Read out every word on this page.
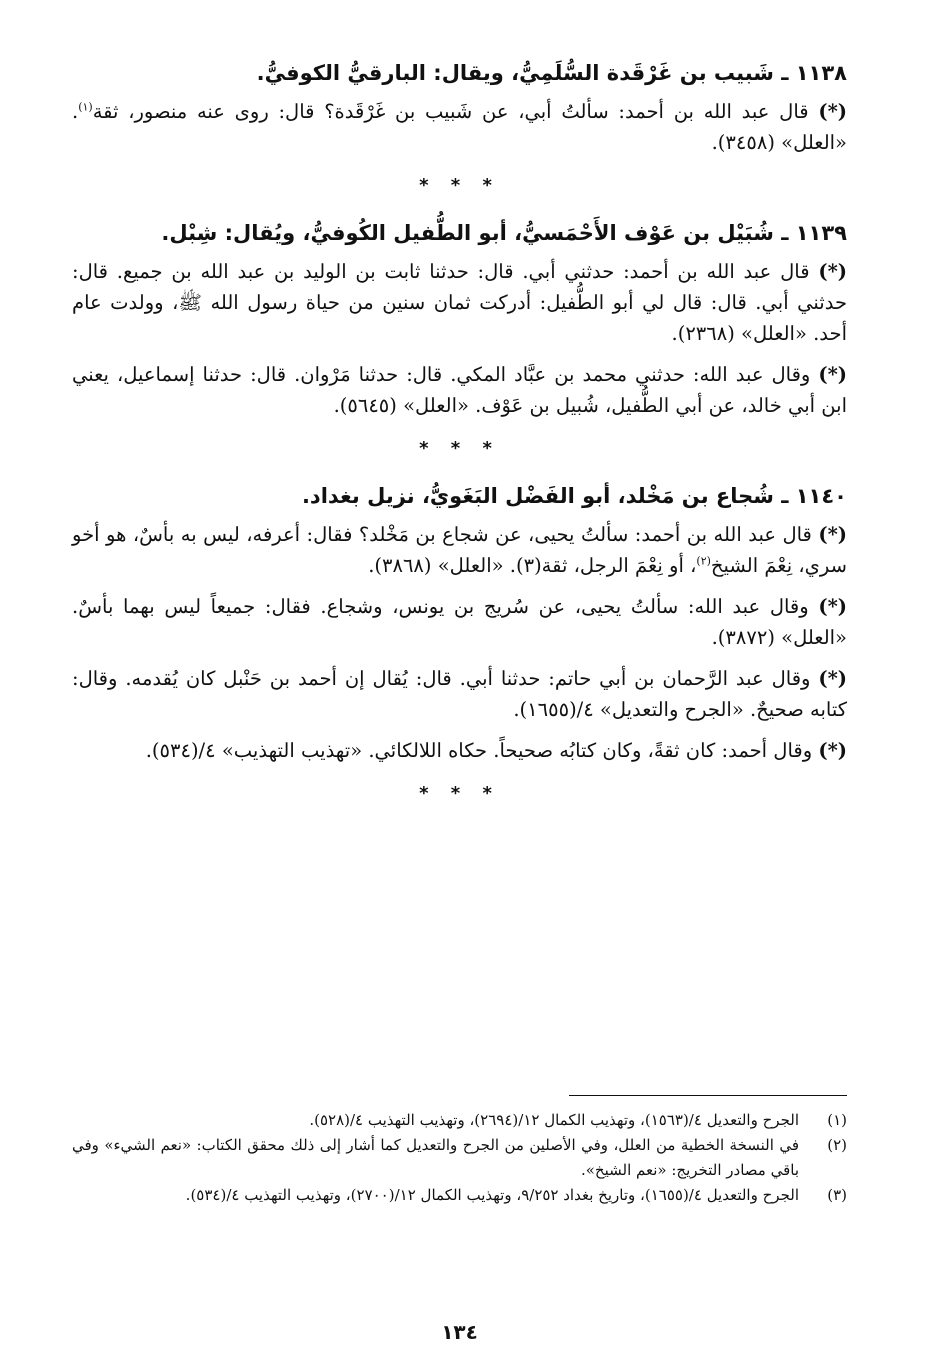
١١٣٨ ـ شَبيب بن غَرْقَدة السُّلَمِيُّ، ويقال: البارقيُّ الكوفيُّ.

(*) قال عبد الله بن أحمد: سألتُ أبي، عن شَبيب بن غَرْقَدة؟ قال: روى عنه منصور، ثقة$^{(١)}$. «العلل» (٣٤٥٨).

* * *
١١٣٩ ـ شُبَيْل بن عَوْف الأَحْمَسيُّ، أبو الطُّفيل الكُوفيُّ، ويُقال: شِبْل.

(*) قال عبد الله بن أحمد: حدثني أبي. قال: حدثنا ثابت بن الوليد بن عبد الله بن جميع. قال: حدثني أبي. قال: قال لي أبو الطُّفيل: أدركت ثمان سنين من حياة رسول الله ﷺ، وولدت عام أحد. «العلل» (٢٣٦٨).

(*) وقال عبد الله: حدثني محمد بن عبَّاد المكي. قال: حدثنا مَرْوان. قال: حدثنا إسماعيل، يعني ابن أبي خالد، عن أبي الطُّفيل، شُبيل بن عَوْف. «العلل» (٥٦٤٥).

* * *
١١٤٠ ـ شُجاع بن مَخْلد، أبو الفَضْل البَغَويُّ، نزيل بغداد.

(*) قال عبد الله بن أحمد: سألتُ يحيى، عن شجاع بن مَخْلد؟ فقال: أعرفه، ليس به بأسٌ، هو أخو سري، نِعْمَ الشيخ$^{(٢)}$، أو نِعْمَ الرجل، ثقة(٣). «العلل» (٣٨٦٨).

(*) وقال عبد الله: سألتُ يحيى، عن سُريج بن يونس، وشجاع. فقال: جميعاً ليس بهما بأسٌ. «العلل» (٣٨٧٢).

(*) وقال عبد الرَّحمان بن أبي حاتم: حدثنا أبي. قال: يُقال إن أحمد بن حَنْبل كان يُقدمه. وقال: كتابه صحيحٌ. «الجرح والتعديل» ٤/(١٦٥٥).

(*) وقال أحمد: كان ثقةً، وكان كتابُه صحيحاً. حكاه اللالكائي. «تهذيب التهذيب» ٤/(٥٣٤).

* * *
(١)
الجرح والتعديل ٤/(١٥٦٣)، وتهذيب الكمال ١٢/(٢٦٩٤)، وتهذيب التهذيب ٤/(٥٢٨).
(٢)
في النسخة الخطية من العلل، وفي الأصلين من الجرح والتعديل كما أشار إلى ذلك محقق الكتاب: «نعم الشيء» وفي باقي مصادر التخريج: «نعم الشيخ».
(٣)
الجرح والتعديل ٤/(١٦٥٥)، وتاريخ بغداد ٩/٢٥٢، وتهذيب الكمال ١٢/(٢٧٠٠)، وتهذيب التهذيب ٤/(٥٣٤).
١٣٤
